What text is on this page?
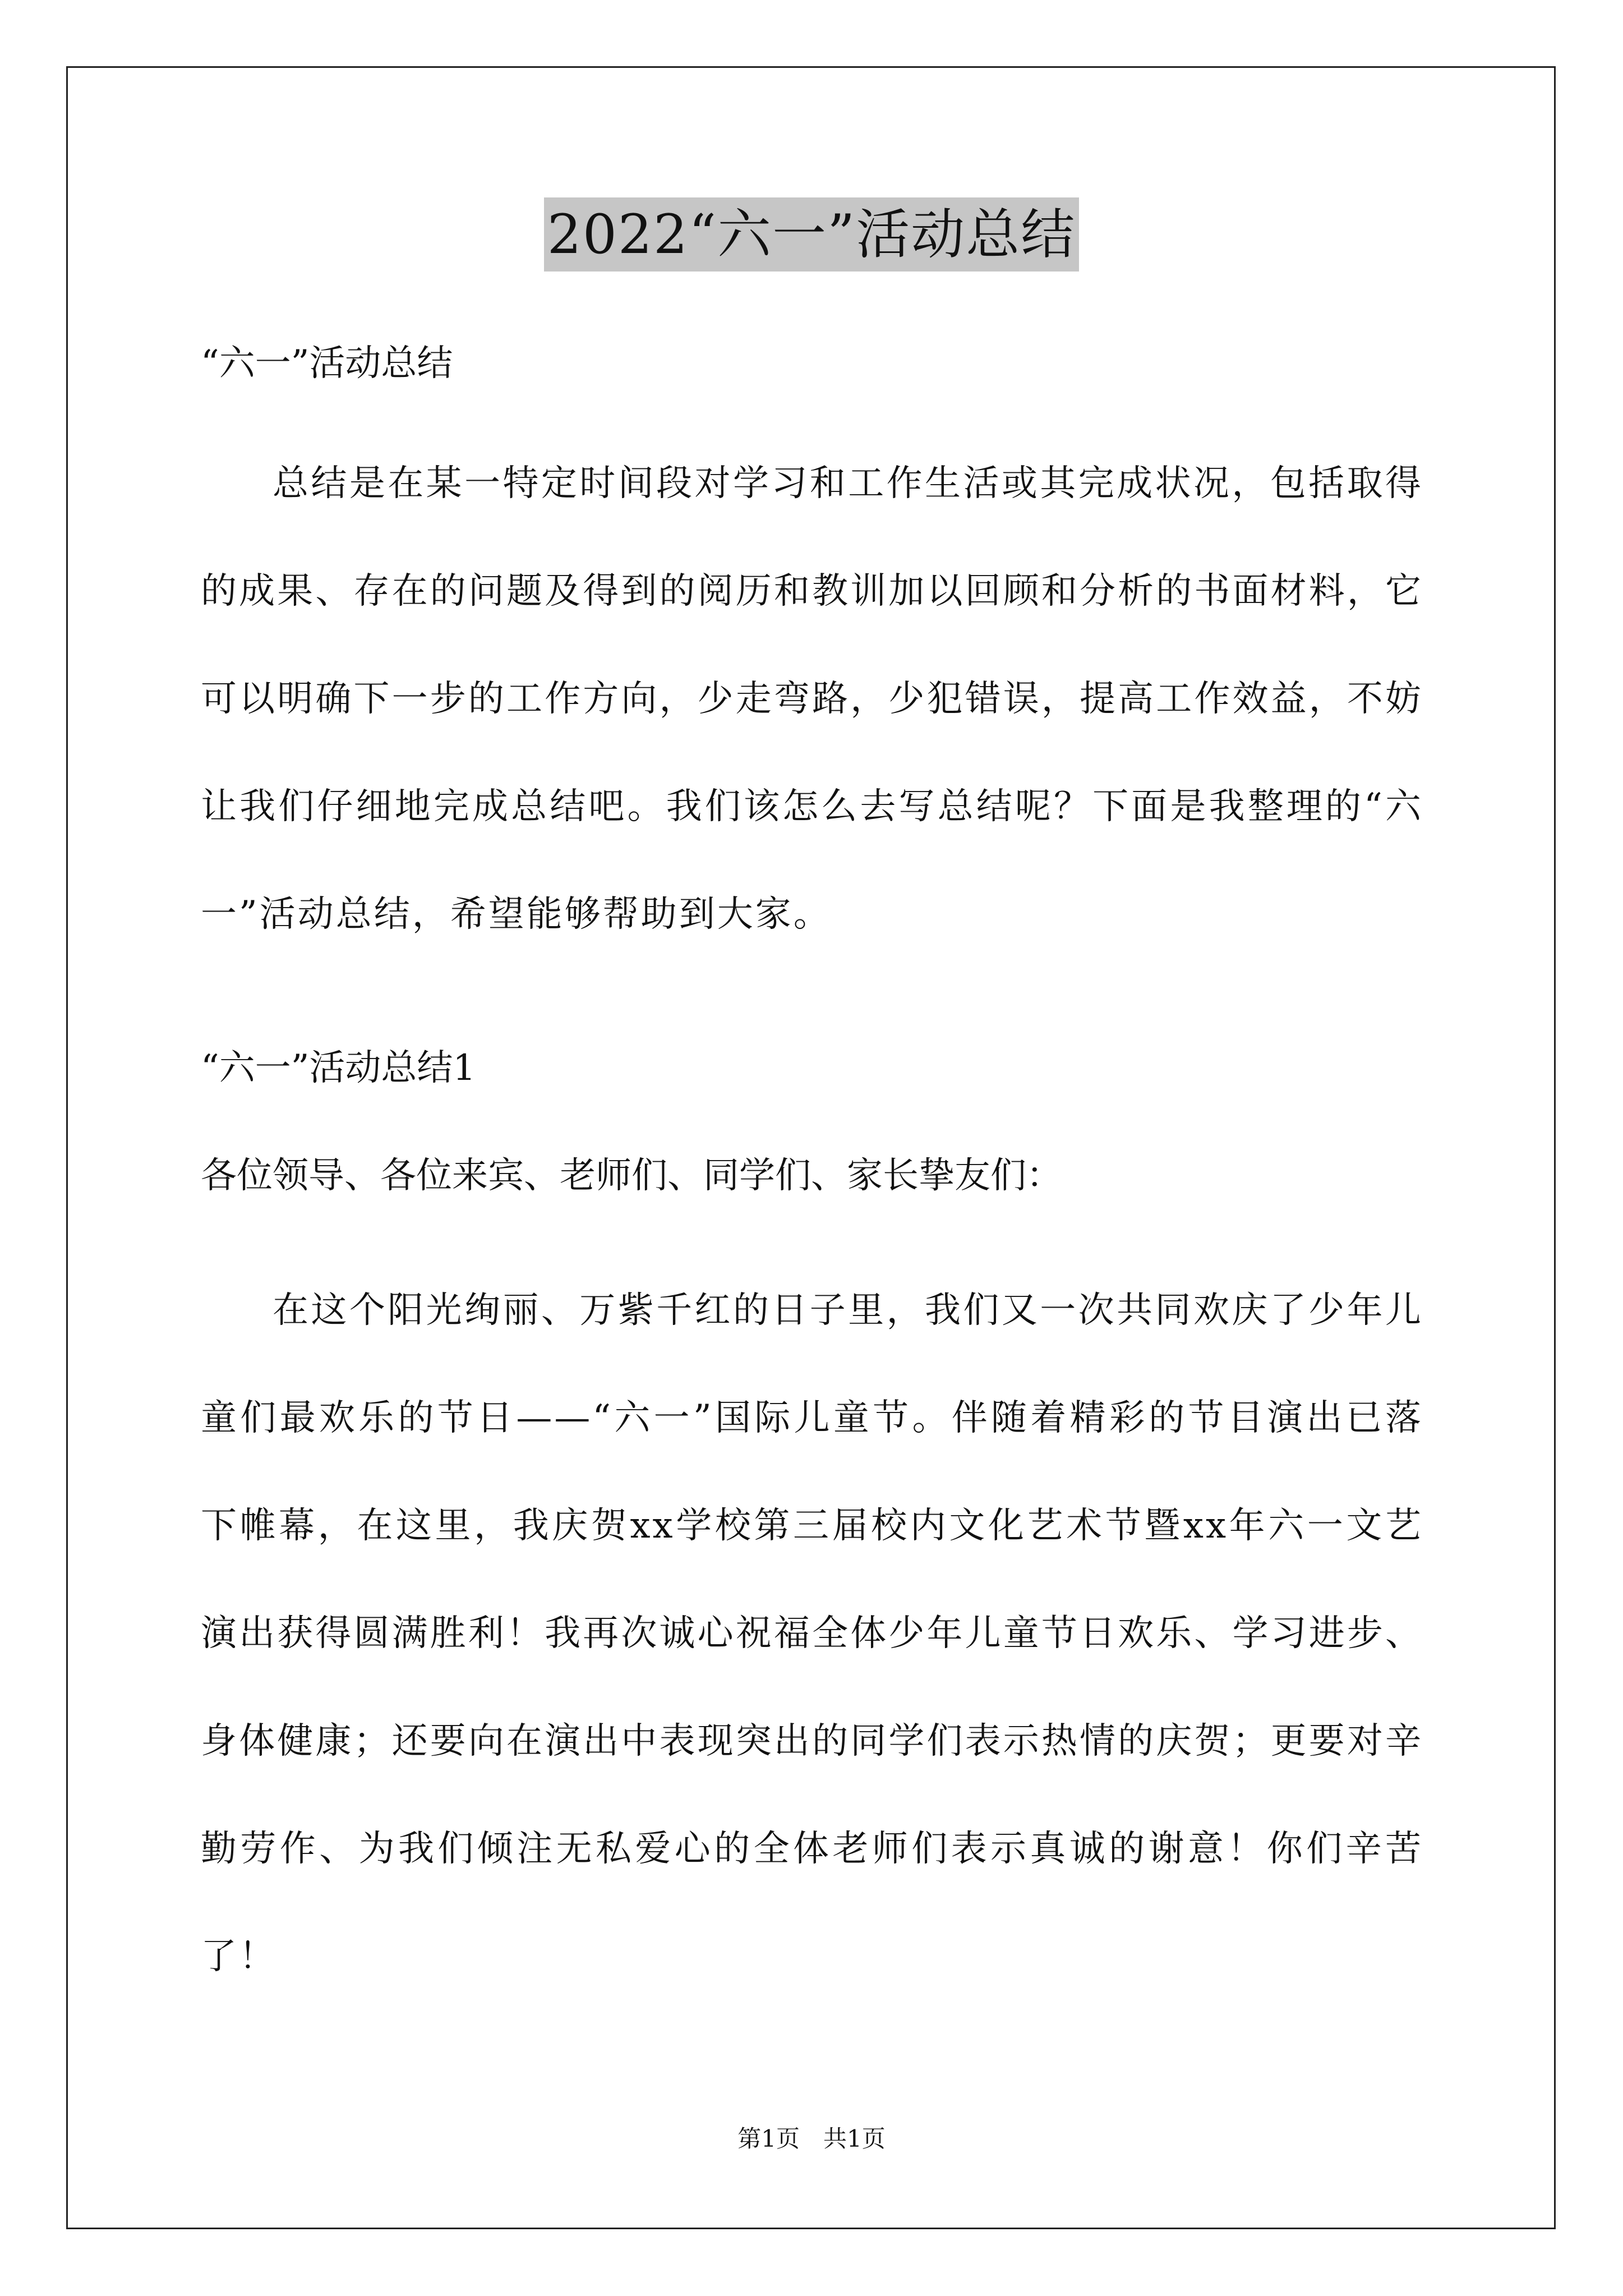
2022“六一”活动总结

“六一”活动总结

总结是在某一特定时间段对学习和工作生活或其完成状况，包括取得的成果、存在的问题及得到的阅历和教训加以回顾和分析的书面材料，它可以明确下一步的工作方向，少走弯路，少犯错误，提高工作效益，不妨让我们仔细地完成总结吧。我们该怎么去写总结呢？下面是我整理的“六一”活动总结，希望能够帮助到大家。

“六一”活动总结1

各位领导、各位来宾、老师们、同学们、家长挚友们：

在这个阳光绚丽、万紫千红的日子里，我们又一次共同欢庆了少年儿童们最欢乐的节日——“六一”国际儿童节。伴随着精彩的节目演出已落下帷幕，在这里，我庆贺xx学校第三届校内文化艺术节暨xx年六一文艺演出获得圆满胜利！我再次诚心祝福全体少年儿童节日欢乐、学习进步、身体健康；还要向在演出中表现突出的同学们表示热情的庆贺；更要对辛勤劳作、为我们倾注无私爱心的全体老师们表示真诚的谢意！你们辛苦了！

第1页　共1页
